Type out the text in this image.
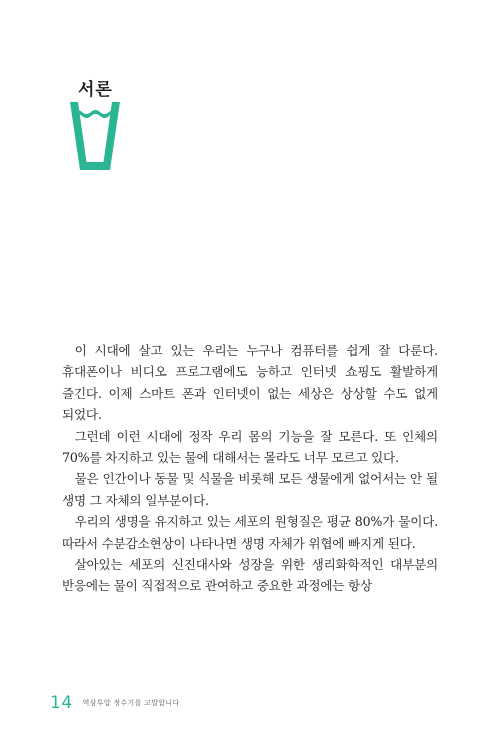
서론

이 시대에 살고 있는 우리는 누구나 컴퓨터를 쉽게 잘 다룬다. 휴대폰이나 비디오 프로그램에도 능하고 인터넷 쇼핑도 활발하게 즐긴다. 이제 스마트 폰과 인터넷이 없는 세상은 상상할 수도 없게 되었다.

그런데 이런 시대에 정작 우리 몸의 기능을 잘 모른다. 또 인체의 70%를 차지하고 있는 물에 대해서는 몰라도 너무 모르고 있다.

물은 인간이나 동물 및 식물을 비롯해 모든 생물에게 없어서는 안 될 생명 그 자체의 일부분이다.

우리의 생명을 유지하고 있는 세포의 원형질은 평균 80%가 물이다. 따라서 수분감소현상이 나타나면 생명 자체가 위협에 빠지게 된다.

살아있는 세포의 신진대사와 성장을 위한 생리화학적인 대부분의 반응에는 물이 직접적으로 관여하고 중요한 과정에는 항상

14 역삼투압 정수기를 고발합니다
